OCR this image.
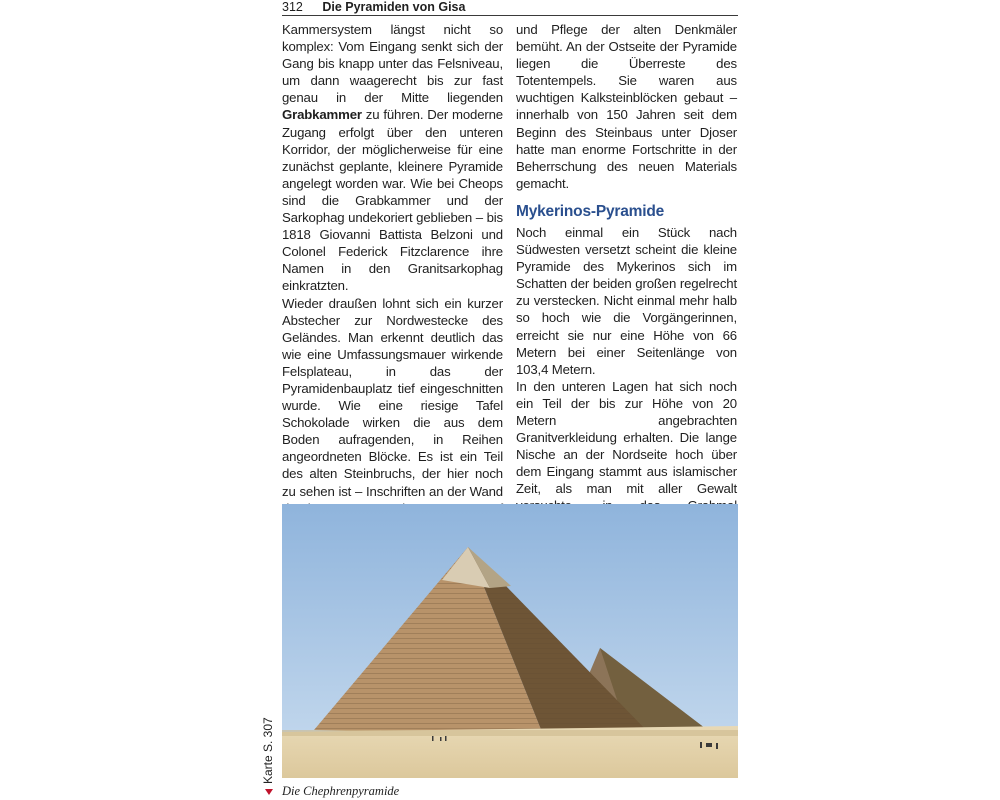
312 Die Pyramiden von Gisa

Kammersystem längst nicht so komplex: Vom Eingang senkt sich der Gang bis knapp unter das Felsniveau, um dann waagerecht bis zur fast genau in der Mitte liegenden Grabkammer zu führen. Der moderne Zugang erfolgt über den unteren Korridor, der möglicherweise für eine zunächst geplante, kleinere Pyramide angelegt worden war. Wie bei Cheops sind die Grabkammer und der Sarkophag undekoriert geblieben – bis 1818 Giovanni Battista Belzoni und Colonel Federick Fitzclarence ihre Namen in den Granitsarkophag einkratzten.

Wieder draußen lohnt sich ein kurzer Abstecher zur Nordwestecke des Geländes. Man erkennt deutlich das wie eine Umfassungsmauer wirkende Felsplateau, in das der Pyramidenbauplatz tief eingeschnitten wurde. Wie eine riesige Tafel Schokolade wirken die aus dem Boden aufragenden, in Reihen angeordneten Blöcke. Es ist ein Teil des alten Steinbruchs, der hier noch zu sehen ist – Inschriften an der Wand

und Pflege der alten Denkmäler bemüht. An der Ostseite der Pyramide liegen die Überreste des Totentempels. Sie waren aus wuchtigen Kalksteinblöcken gebaut – innerhalb von 150 Jahren seit dem Beginn des Steinbaus unter Djoser hatte man enorme Fortschritte in der Beherrschung des neuen Materials gemacht.

Mykerinos-Pyramide

Noch einmal ein Stück nach Südwesten versetzt scheint die kleine Pyramide des Mykerinos sich im Schatten der beiden großen regelrecht zu verstecken. Nicht einmal mehr halb so hoch wie die Vorgängerinnen, erreicht sie nur eine Höhe von 66 Metern bei einer Seitenlänge von 103,4 Metern.

In den unteren Lagen hat sich noch ein Teil der bis zur Höhe von 20 Metern angebrachten Granitverkleidung erhalten. Die lange Nische an der Nordseite hoch über dem Eingang stammt aus islamischer Zeit, als man mit aller Gewalt

Die Chephrenpyramide
Karte S. 307
